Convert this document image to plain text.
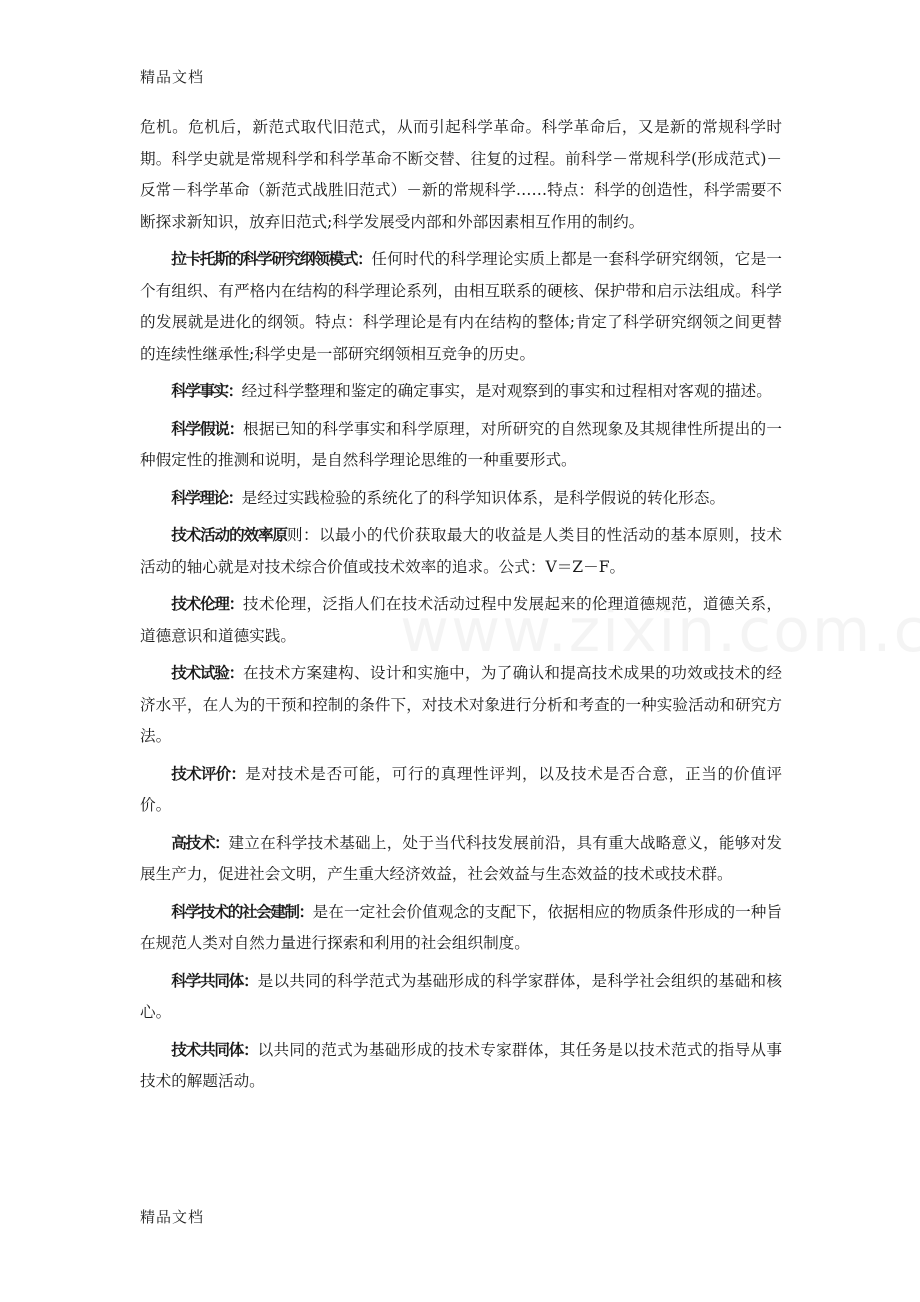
精品文档

危机。危机后，新范式取代旧范式，从而引起科学革命。科学革命后，又是新的常规科学时期。科学史就是常规科学和科学革命不断交替、往复的过程。前科学－常规科学(形成范式)－反常－科学革命（新范式战胜旧范式）－新的常规科学……特点：科学的创造性，科学需要不断探求新知识，放弃旧范式;科学发展受内部和外部因素相互作用的制约。

拉卡托斯的科学研究纲领模式：任何时代的科学理论实质上都是一套科学研究纲领，它是一个有组织、有严格内在结构的科学理论系列，由相互联系的硬核、保护带和启示法组成。科学的发展就是进化的纲领。特点：科学理论是有内在结构的整体;肯定了科学研究纲领之间更替的连续性继承性;科学史是一部研究纲领相互竞争的历史。

科学事实：经过科学整理和鉴定的确定事实，是对观察到的事实和过程相对客观的描述。

科学假说：根据已知的科学事实和科学原理，对所研究的自然现象及其规律性所提出的一种假定性的推测和说明，是自然科学理论思维的一种重要形式。

科学理论：是经过实践检验的系统化了的科学知识体系，是科学假说的转化形态。

技术活动的效率原则：以最小的代价获取最大的收益是人类目的性活动的基本原则，技术活动的轴心就是对技术综合价值或技术效率的追求。公式：V＝Z－F。

技术伦理：技术伦理，泛指人们在技术活动过程中发展起来的伦理道德规范，道德关系，道德意识和道德实践。

技术试验：在技术方案建构、设计和实施中，为了确认和提高技术成果的功效或技术的经济水平，在人为的干预和控制的条件下，对技术对象进行分析和考查的一种实验活动和研究方法。

技术评价：是对技术是否可能，可行的真理性评判，以及技术是否合意，正当的价值评价。

高技术：建立在科学技术基础上，处于当代科技发展前沿，具有重大战略意义，能够对发展生产力，促进社会文明，产生重大经济效益，社会效益与生态效益的技术或技术群。

科学技术的社会建制：是在一定社会价值观念的支配下，依据相应的物质条件形成的一种旨在规范人类对自然力量进行探索和利用的社会组织制度。

科学共同体：是以共同的科学范式为基础形成的科学家群体，是科学社会组织的基础和核心。

技术共同体：以共同的范式为基础形成的技术专家群体，其任务是以技术范式的指导从事技术的解题活动。

精品文档
